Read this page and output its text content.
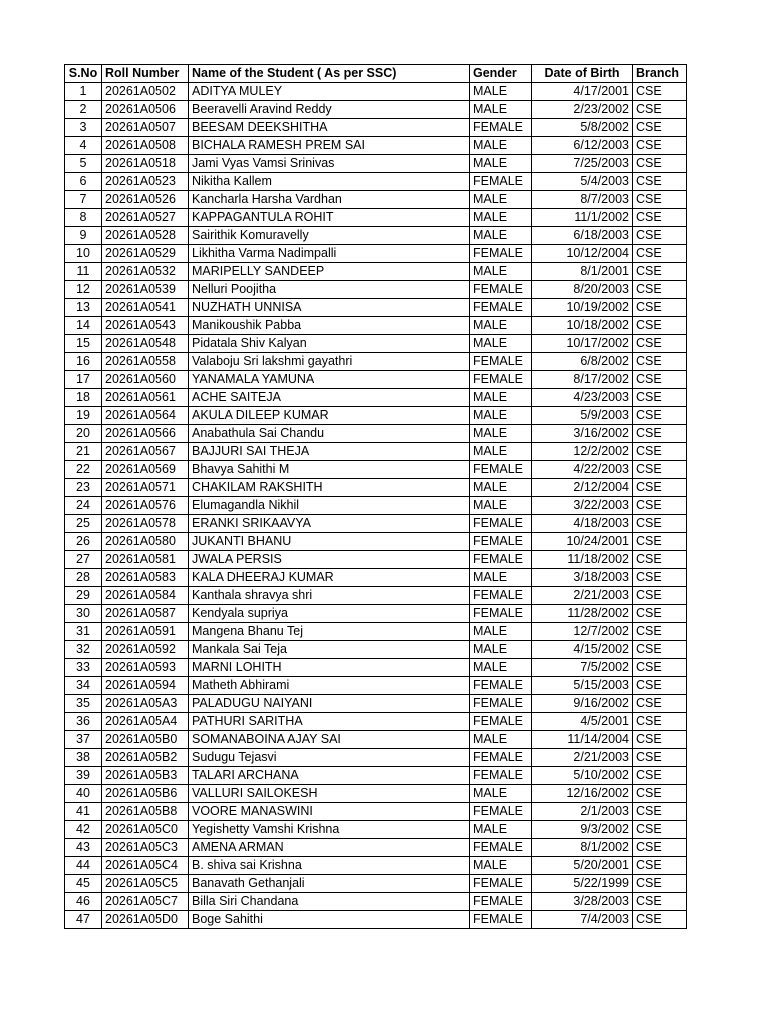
S.No	Roll Number	Name of the Student ( As per SSC)	Gender	Date of Birth	Branch
1	20261A0502	ADITYA MULEY	MALE	4/17/2001	CSE
2	20261A0506	Beeravelli Aravind Reddy	MALE	2/23/2002	CSE
3	20261A0507	BEESAM DEEKSHITHA	FEMALE	5/8/2002	CSE
4	20261A0508	BICHALA RAMESH PREM SAI	MALE	6/12/2003	CSE
5	20261A0518	Jami Vyas Vamsi Srinivas	MALE	7/25/2003	CSE
6	20261A0523	Nikitha Kallem	FEMALE	5/4/2003	CSE
7	20261A0526	Kancharla Harsha Vardhan	MALE	8/7/2003	CSE
8	20261A0527	KAPPAGANTULA ROHIT	MALE	11/1/2002	CSE
9	20261A0528	Sairithik Komuravelly	MALE	6/18/2003	CSE
10	20261A0529	Likhitha Varma Nadimpalli	FEMALE	10/12/2004	CSE
11	20261A0532	MARIPELLY SANDEEP	MALE	8/1/2001	CSE
12	20261A0539	Nelluri Poojitha	FEMALE	8/20/2003	CSE
13	20261A0541	NUZHATH UNNISA	FEMALE	10/19/2002	CSE
14	20261A0543	Manikoushik Pabba	MALE	10/18/2002	CSE
15	20261A0548	Pidatala Shiv Kalyan	MALE	10/17/2002	CSE
16	20261A0558	Valaboju Sri lakshmi gayathri	FEMALE	6/8/2002	CSE
17	20261A0560	YANAMALA YAMUNA	FEMALE	8/17/2002	CSE
18	20261A0561	ACHE SAITEJA	MALE	4/23/2003	CSE
19	20261A0564	AKULA DILEEP KUMAR	MALE	5/9/2003	CSE
20	20261A0566	Anabathula Sai Chandu	MALE	3/16/2002	CSE
21	20261A0567	BAJJURI SAI THEJA	MALE	12/2/2002	CSE
22	20261A0569	Bhavya Sahithi M	FEMALE	4/22/2003	CSE
23	20261A0571	CHAKILAM RAKSHITH	MALE	2/12/2004	CSE
24	20261A0576	Elumagandla Nikhil	MALE	3/22/2003	CSE
25	20261A0578	ERANKI SRIKAAVYA	FEMALE	4/18/2003	CSE
26	20261A0580	JUKANTI BHANU	FEMALE	10/24/2001	CSE
27	20261A0581	JWALA PERSIS	FEMALE	11/18/2002	CSE
28	20261A0583	KALA DHEERAJ KUMAR	MALE	3/18/2003	CSE
29	20261A0584	Kanthala shravya shri	FEMALE	2/21/2003	CSE
30	20261A0587	Kendyala supriya	FEMALE	11/28/2002	CSE
31	20261A0591	Mangena Bhanu Tej	MALE	12/7/2002	CSE
32	20261A0592	Mankala Sai Teja	MALE	4/15/2002	CSE
33	20261A0593	MARNI LOHITH	MALE	7/5/2002	CSE
34	20261A0594	Matheth Abhirami	FEMALE	5/15/2003	CSE
35	20261A05A3	PALADUGU NAIYANI	FEMALE	9/16/2002	CSE
36	20261A05A4	PATHURI SARITHA	FEMALE	4/5/2001	CSE
37	20261A05B0	SOMANABOINA AJAY SAI	MALE	11/14/2004	CSE
38	20261A05B2	Sudugu Tejasvi	FEMALE	2/21/2003	CSE
39	20261A05B3	TALARI ARCHANA	FEMALE	5/10/2002	CSE
40	20261A05B6	VALLURI SAILOKESH	MALE	12/16/2002	CSE
41	20261A05B8	VOORE MANASWINI	FEMALE	2/1/2003	CSE
42	20261A05C0	Yegishetty Vamshi Krishna	MALE	9/3/2002	CSE
43	20261A05C3	AMENA ARMAN	FEMALE	8/1/2002	CSE
44	20261A05C4	B. shiva sai Krishna	MALE	5/20/2001	CSE
45	20261A05C5	Banavath Gethanjali	FEMALE	5/22/1999	CSE
46	20261A05C7	Billa Siri Chandana	FEMALE	3/28/2003	CSE
47	20261A05D0	Boge Sahithi	FEMALE	7/4/2003	CSE
